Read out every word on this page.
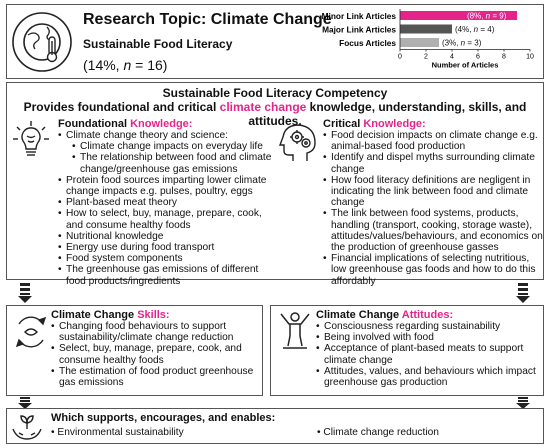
Research Topic: Climate Change
Sustainable Food Literacy
(14%, n = 16)
Minor Link Articles	(8%, n = 9)
Major Link Articles	(4%, n = 4)
Focus Articles	(3%, n = 3)
0	2	4	6	8	10
Number of Articles
Sustainable Food Literacy Competency
Provides foundational and critical climate change knowledge, understanding, skills, and attitudes.
Foundational Knowledge:
• Climate change theory and science:
• Climate change impacts on everyday life
• The relationship between food and climate change/greenhouse gas emissions
• Protein food sources imparting lower climate change impacts e.g. pulses, poultry, eggs
• Plant-based meat theory
• How to select, buy, manage, prepare, cook, and consume healthy foods
• Nutritional knowledge
• Energy use during food transport
• Food system components
• The greenhouse gas emissions of different food products/ingredients
Critical Knowledge:
• Food decision impacts on climate change e.g. animal-based food production
• Identify and dispel myths surrounding climate change
• How food literacy definitions are negligent in indicating the link between food and climate change
• The link between food systems, products, handling (transport, cooking, storage waste), attitudes/values/behaviours, and economics on the production of greenhouse gasses
• Financial implications of selecting nutritious, low greenhouse gas foods and how to do this affordably
Climate Change Skills:
• Changing food behaviours to support sustainability/climate change reduction
• Select, buy, manage, prepare, cook, and consume healthy foods
• The estimation of food product greenhouse gas emissions
Climate Change Attitudes:
• Consciousness regarding sustainability
• Being involved with food
• Acceptance of plant-based meats to support climate change
• Attitudes, values, and behaviours which impact greenhouse gas production
Which supports, encourages, and enables:
• Environmental sustainability	• Climate change reduction
